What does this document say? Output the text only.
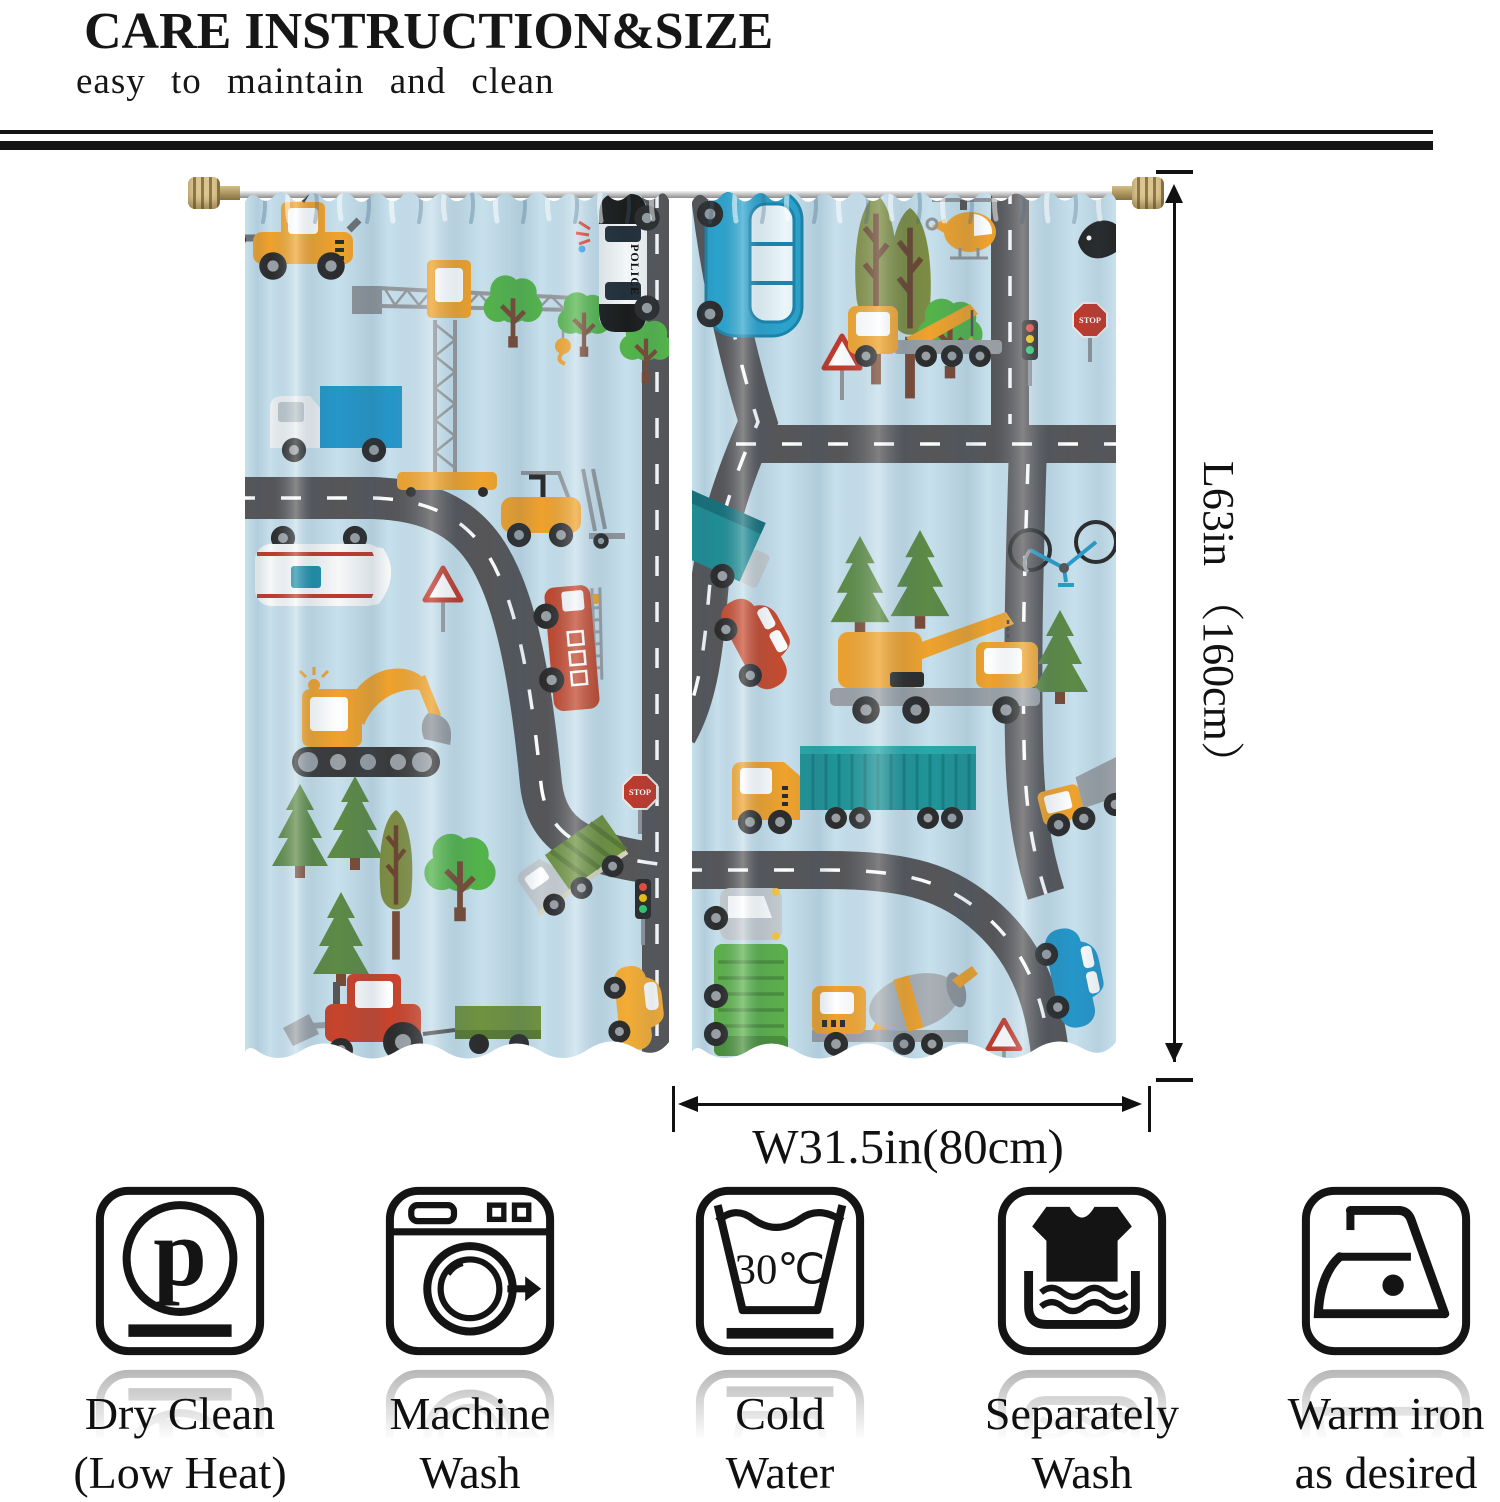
CARE INSTRUCTION&SIZE
easy to maintain and clean
L63in （160cm）
W31.5in(80cm)
p
Dry Clean
(Low Heat)
Machine
Wash
30℃
Cold
Water
Separately
Wash
Warm iron
as desired
